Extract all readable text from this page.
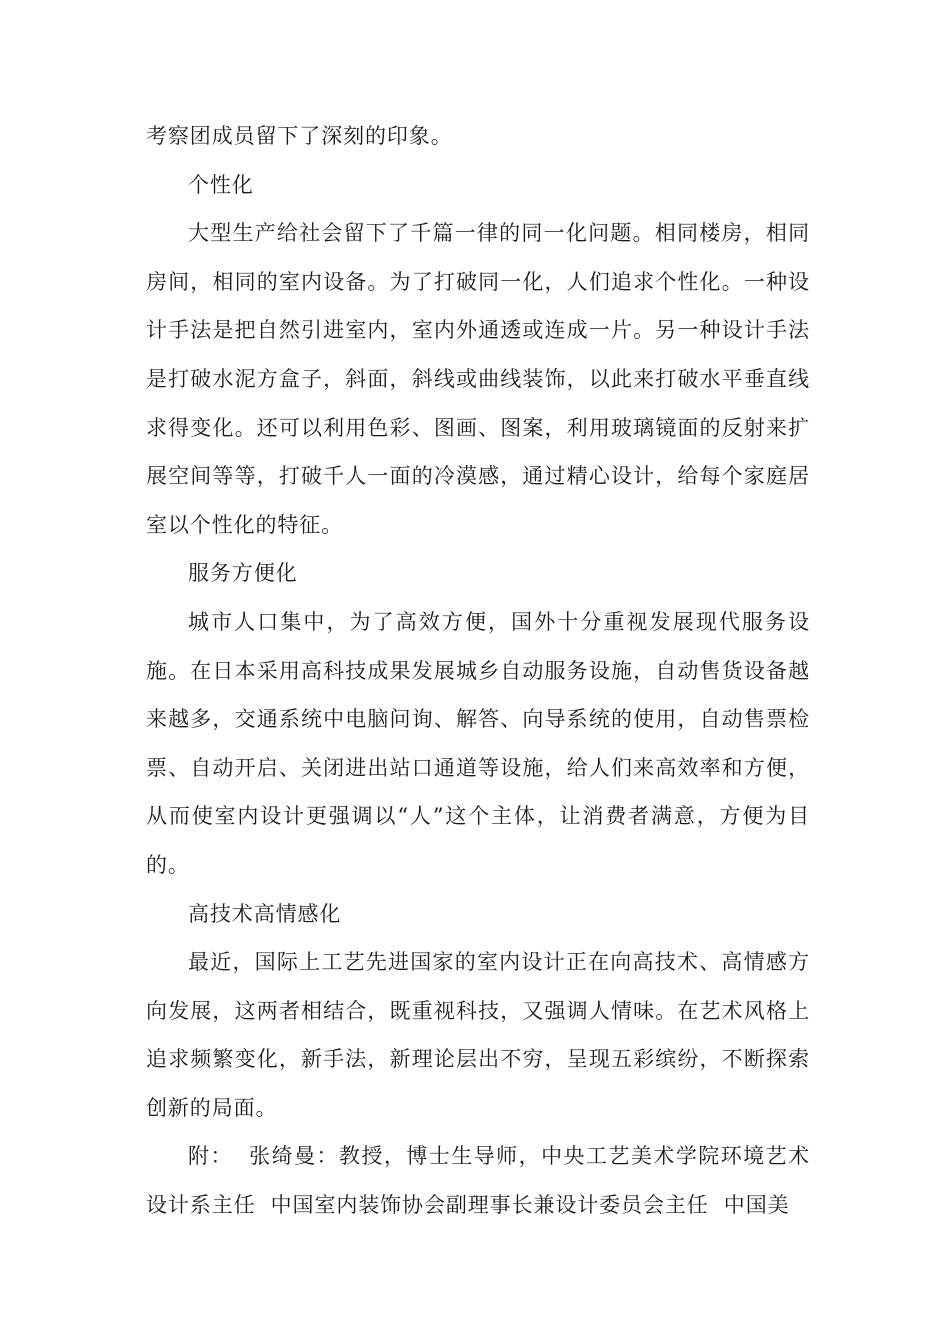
考察团成员留下了深刻的印象。

个性化

大型生产给社会留下了千篇一律的同一化问题。相同楼房，相同房间，相同的室内设备。为了打破同一化，人们追求个性化。一种设计手法是把自然引进室内，室内外通透或连成一片。另一种设计手法是打破水泥方盒子，斜面，斜线或曲线装饰，以此来打破水平垂直线求得变化。还可以利用色彩、图画、图案，利用玻璃镜面的反射来扩展空间等等，打破千人一面的冷漠感，通过精心设计，给每个家庭居室以个性化的特征。

服务方便化

城市人口集中，为了高效方便，国外十分重视发展现代服务设施。在日本采用高科技成果发展城乡自动服务设施，自动售货设备越来越多，交通系统中电脑问询、解答、向导系统的使用，自动售票检票、自动开启、关闭进出站口通道等设施，给人们来高效率和方便，从而使室内设计更强调以“人”这个主体，让消费者满意，方便为目的。

高技术高情感化

最近，国际上工艺先进国家的室内设计正在向高技术、高情感方向发展，这两者相结合，既重视科技，又强调人情味。在艺术风格上追求频繁变化，新手法，新理论层出不穷，呈现五彩缤纷，不断探索创新的局面。

附：  张绮曼：教授，博士生导师，中央工艺美术学院环境艺术设计系主任  中国室内装饰协会副理事长兼设计委员会主任  中国美
